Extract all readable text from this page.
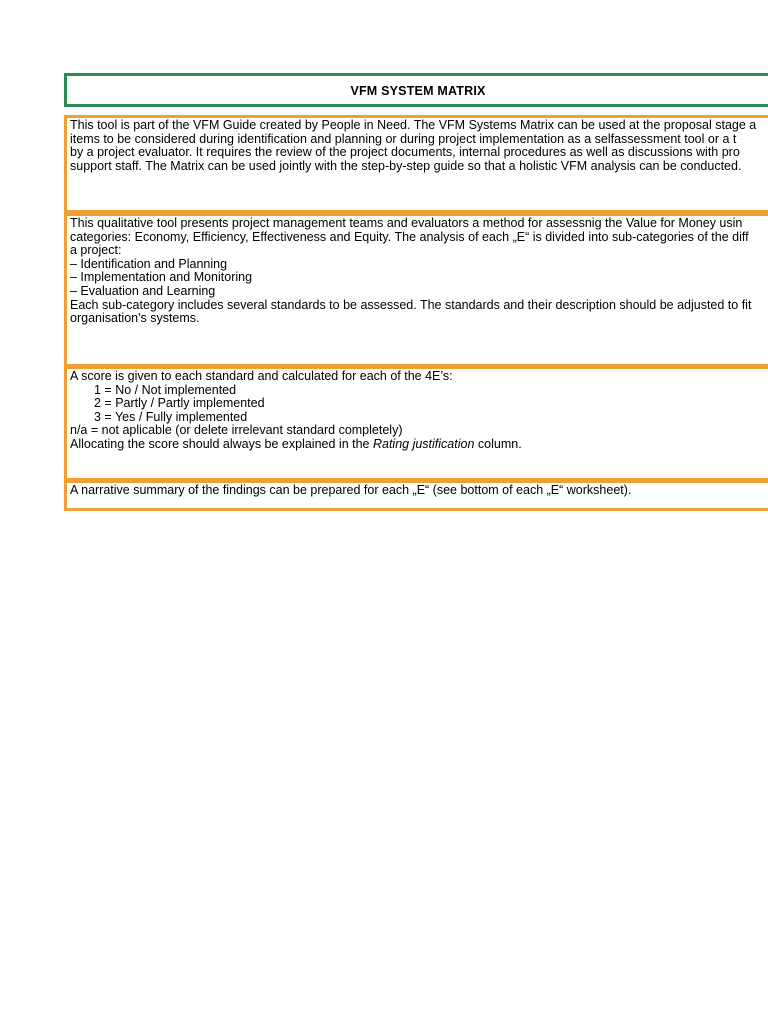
VFM SYSTEM MATRIX
This tool is part of the VFM Guide created by People in Need. The VFM Systems Matrix can be used at the proposal stage a
items to be considered during identification and planning or during project implementation as a selfassessment tool or a t
by a project evaluator. It requires the review of the project documents, internal procedures as well as discussions with pro
support staff. The Matrix can be used jointly with the step-by-step guide so that a holistic VFM analysis can be conducted.
This qualitative tool presents project management teams and evaluators a method for assessnig the Value for Money usin
categories: Economy, Efficiency, Effectiveness and Equity. The analysis of each „E“ is divided into sub-categories of the diff
a project:
– Identification and Planning
– Implementation and Monitoring
– Evaluation and Learning
Each sub-category includes several standards to be assessed. The standards and their description should be adjusted to fit
organisation's systems.
A score is given to each standard and calculated for each of the 4E’s:
1 = No / Not implemented
2 = Partly / Partly implemented
3 = Yes / Fully implemented
n/a = not aplicable (or delete irrelevant standard completely)
Allocating the score should always be explained in the Rating justification column.
A narrative summary of the findings can be prepared for each „E“ (see bottom of each „E“ worksheet).
